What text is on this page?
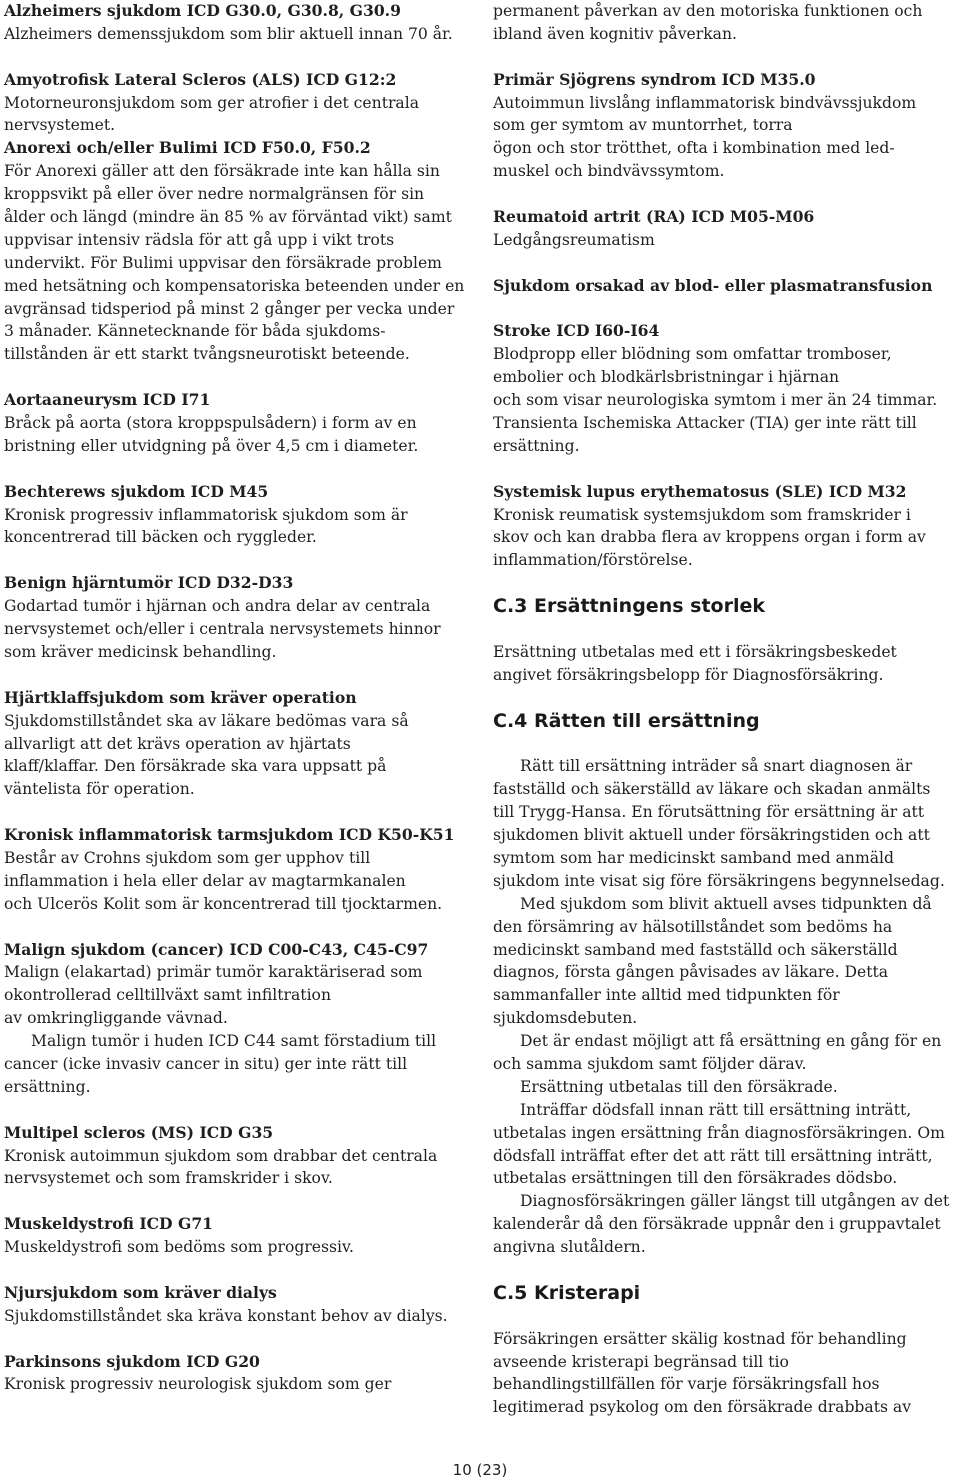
Alzheimers sjukdom ICD G30.0, G30.8, G30.9
Alzheimers demenssjukdom som blir aktuell innan 70 år.
Amyotrofisk Lateral Scleros (ALS) ICD G12:2
Motorneuronsjukdom som ger atrofier i det centrala
nervsystemet.
Anorexi och/eller Bulimi ICD F50.0, F50.2
För Anorexi gäller att den försäkrade inte kan hålla sin
kroppsvikt på eller över nedre normalgränsen för sin
ålder och längd (mindre än 85 % av förväntad vikt) samt
uppvisar intensiv rädsla för att gå upp i vikt trots
undervikt. För Bulimi uppvisar den försäkrade problem
med hetsätning och kompensatoriska beteenden under en
avgränsad tidsperiod på minst 2 gånger per vecka under
3 månader. Kännetecknande för båda sjukdoms-
tillstånden är ett starkt tvångsneurotiskt beteende.
Aortaaneurysm ICD I71
Bråck på aorta (stora kroppspulsådern) i form av en
bristning eller utvidgning på över 4,5 cm i diameter.
Bechterews sjukdom ICD M45
Kronisk progressiv inflammatorisk sjukdom som är
koncentrerad till bäcken och ryggleder.
Benign hjärntumör ICD D32-D33
Godartad tumör i hjärnan och andra delar av centrala
nervsystemet och/eller i centrala nervsystemets hinnor
som kräver medicinsk behandling.
Hjärtklaffsjukdom som kräver operation
Sjukdomstillståndet ska av läkare bedömas vara så
allvarligt att det krävs operation av hjärtats
klaff/klaffar. Den försäkrade ska vara uppsatt på
väntelista för operation.
Kronisk inflammatorisk tarmsjukdom ICD K50-K51
Består av Crohns sjukdom som ger upphov till
inflammation i hela eller delar av magtarmkanalen
och Ulcerös Kolit som är koncentrerad till tjocktarmen.
Malign sjukdom (cancer) ICD C00-C43, C45-C97
Malign (elakartad) primär tumör karaktäriserad som
okontrollerad celltillväxt samt infiltration
av omkringliggande vävnad.
Malign tumör i huden ICD C44 samt förstadium till
cancer (icke invasiv cancer in situ) ger inte rätt till
ersättning.
Multipel scleros (MS) ICD G35
Kronisk autoimmun sjukdom som drabbar det centrala
nervsystemet och som framskrider i skov.
Muskeldystrofi ICD G71
Muskeldystrofi som bedöms som progressiv.
Njursjukdom som kräver dialys
Sjukdomstillståndet ska kräva konstant behov av dialys.
Parkinsons sjukdom ICD G20
Kronisk progressiv neurologisk sjukdom som ger
permanent påverkan av den motoriska funktionen och
ibland även kognitiv påverkan.
Primär Sjögrens syndrom ICD M35.0
Autoimmun livslång inflammatorisk bindvävssjukdom
som ger symtom av muntorrhet, torra
ögon och stor trötthet, ofta i kombination med led-
muskel och bindvävssymtom.
Reumatoid artrit (RA) ICD M05-M06
Ledgångsreumatism
Sjukdom orsakad av blod- eller plasmatransfusion
Stroke ICD I60-I64
Blodpropp eller blödning som omfattar tromboser,
embolier och blodkärlsbristningar i hjärnan
och som visar neurologiska symtom i mer än 24 timmar.
Transienta Ischemiska Attacker (TIA) ger inte rätt till
ersättning.
Systemisk lupus erythematosus (SLE) ICD M32
Kronisk reumatisk systemsjukdom som framskrider i
skov och kan drabba flera av kroppens organ i form av
inflammation/förstörelse.
C.3 Ersättningens storlek
Ersättning utbetalas med ett i försäkringsbeskedet
angivet försäkringsbelopp för Diagnosförsäkring.
C.4 Rätten till ersättning
Rätt till ersättning inträder så snart diagnosen är
fastställd och säkerställd av läkare och skadan anmälts
till Trygg-Hansa. En förutsättning för ersättning är att
sjukdomen blivit aktuell under försäkringstiden och att
symtom som har medicinskt samband med anmäld
sjukdom inte visat sig före försäkringens begynnelsedag.
Med sjukdom som blivit aktuell avses tidpunkten då
den försämring av hälsotillståndet som bedöms ha
medicinskt samband med fastställd och säkerställd
diagnos, första gången påvisades av läkare. Detta
sammanfaller inte alltid med tidpunkten för
sjukdomsdebuten.
Det är endast möjligt att få ersättning en gång för en
och samma sjukdom samt följder därav.
Ersättning utbetalas till den försäkrade.
Inträffar dödsfall innan rätt till ersättning inträtt,
utbetalas ingen ersättning från diagnosförsäkringen. Om
dödsfall inträffat efter det att rätt till ersättning inträtt,
utbetalas ersättningen till den försäkrades dödsbo.
Diagnosförsäkringen gäller längst till utgången av det
kalenderår då den försäkrade uppnår den i gruppavtalet
angivna slutåldern.
C.5 Kristerapi
Försäkringen ersätter skälig kostnad för behandling
avseende kristerapi begränsad till tio
behandlingstillfällen för varje försäkringsfall hos
legitimerad psykolog om den försäkrade drabbats av
10 (23)
